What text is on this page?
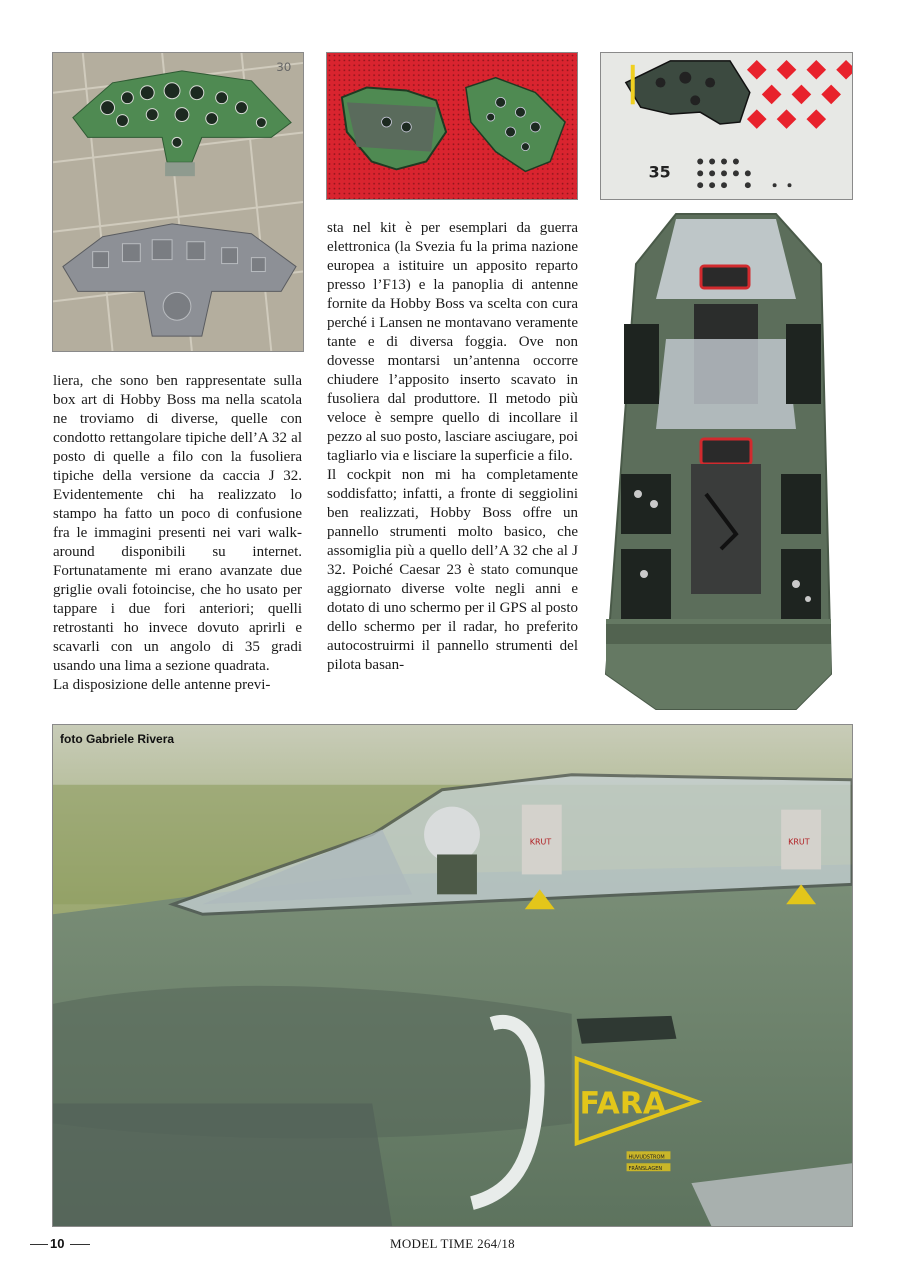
30
35

liera, che sono ben rappresentate sulla box art di Hobby Boss ma nella scatola ne troviamo di diverse, quelle con condotto rettangolare tipiche dell’A 32 al posto di quelle a filo con la fusoliera tipiche della versione da caccia J 32. Evidentemente chi ha realizzato lo stampo ha fatto un poco di confusione fra le immagini presenti nei vari walk-around disponibili su internet. Fortunatamente mi erano avanzate due griglie ovali fotoincise, che ho usato per tappare i due fori anteriori; quelli retrostanti ho invece dovuto aprirli e scavarli con un angolo di 35 gradi usando una lima a sezione quadrata.

La disposizione delle antenne previ-

sta nel kit è per esemplari da guerra elettronica (la Svezia fu la prima nazione europea a istituire un apposito reparto presso l’F13) e la panoplia di antenne fornite da Hobby Boss va scelta con cura perché i Lansen ne montavano veramente tante e di diversa foggia. Ove non dovesse montarsi un’antenna occorre chiudere l’apposito inserto scavato in fusoliera dal produttore. Il metodo più veloce è sempre quello di incollare il pezzo al suo posto, lasciare asciugare, poi tagliarlo via e lisciare la superficie a filo.

Il cockpit non mi ha completamente soddisfatto; infatti, a fronte di seggiolini ben realizzati, Hobby Boss offre un pannello strumenti molto basico, che assomiglia più a quello dell’A 32 che al J 32. Poiché Caesar 23 è stato comunque aggiornato diverse volte negli anni e dotato di uno schermo per il GPS al posto dello schermo per il radar, ho preferito autocostruirmi il pannello strumenti del pilota basan-

KRUT	KRUT
FARA
HUVUDSTROM
FRÅNSLAGEN
foto Gabriele Rivera
10	MODEL TIME 264/18
